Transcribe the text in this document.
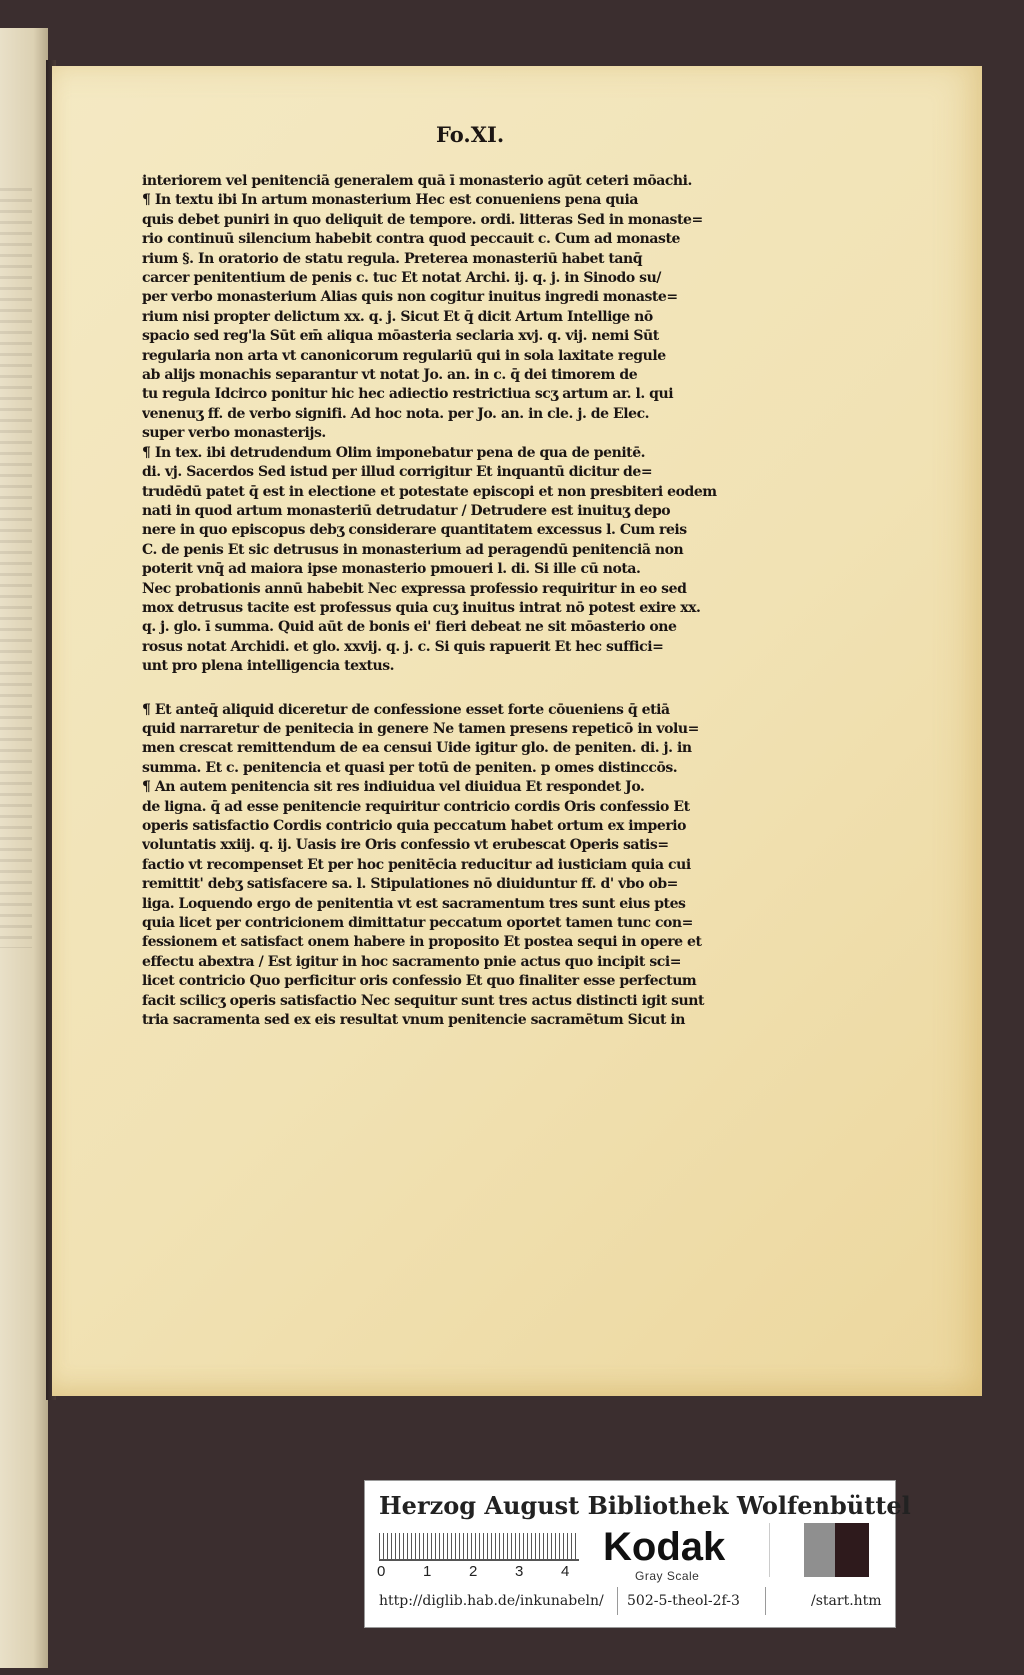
Fo.XI.

interiorem vel penitenciā generalem quā ī monasterio agūt ceteri mōachi.
¶ In textu ibi In artum monasterium Hec est conueniens pena quia
quis debet puniri in quo deliquit de tempore. ordi. litteras Sed in monaste=
rio continuū silencium habebit contra quod peccauit c. Cum ad monaste
rium §. In oratorio de statu regula. Preterea monasteriū habet tanq̄
carcer penitentium de penis c. tuc Et notat Archi. ij. q. j. in Sinodo su/
per verbo monasterium Alias quis non cogitur inuitus ingredi monaste=
rium nisi propter delictum xx. q. j. Sicut Et q̄ dicit Artum Intellige nō
spacio sed reg'la Sūt em̄ aliqua mōasteria seclaria xvj. q. vij. nemi Sūt
regularia non arta vt canonicorum regulariū qui in sola laxitate regule
ab alijs monachis separantur vt notat Jo. an. in c. q̄ dei timorem de
tu regula Idcirco ponitur hic hec adiectio restrictiua scʒ artum ar. l. qui
venenuʒ ff. de verbo signifi. Ad hoc nota. per Jo. an. in cle. j. de Elec.
super verbo monasterijs.
¶ In tex. ibi detrudendum Olim imponebatur pena de qua de penitē.
di. vj. Sacerdos Sed istud per illud corrigitur Et inquantū dicitur de=
trudēdū patet q̄ est in electione et potestate episcopi et non presbiteri eodem
nati in quod artum monasteriū detrudatur / Detrudere est inuituʒ depo
nere in quo episcopus debʒ considerare quantitatem excessus l. Cum reis
C. de penis Et sic detrusus in monasterium ad peragendū penitenciā non
poterit vnq̄ ad maiora ipse monasterio pmoueri l. di. Si ille cū nota.
Nec probationis annū habebit Nec expressa professio requiritur in eo sed
mox detrusus tacite est professus quia cuʒ inuitus intrat nō potest exire xx.
q. j. glo. ī summa. Quid aūt de bonis ei' fieri debeat ne sit mōasterio one
rosus notat Archidi. et glo. xxvij. q. j. c. Si quis rapuerit Et hec suffici=
unt pro plena intelligencia textus.
¶ Et anteq̄ aliquid diceretur de confessione esset forte cōueniens q̄ etiā
quid narraretur de penitecia in genere Ne tamen presens repeticō in volu=
men crescat remittendum de ea censui Uide igitur glo. de peniten. di. j. in
summa. Et c. penitencia et quasi per totū de peniten. p omes distinccōs.
¶ An autem penitencia sit res indiuidua vel diuidua Et respondet Jo.
de ligna. q̄ ad esse penitencie requiritur contricio cordis Oris confessio Et
operis satisfactio Cordis contricio quia peccatum habet ortum ex imperio
voluntatis xxiij. q. ij. Uasis ire Oris confessio vt erubescat Operis satis=
factio vt recompenset Et per hoc penitēcia reducitur ad iusticiam quia cui
remittit' debʒ satisfacere sa. l. Stipulationes nō diuiduntur ff. d' vbo ob=
liga. Loquendo ergo de penitentia vt est sacramentum tres sunt eius ptes
quia licet per contricionem dimittatur peccatum oportet tamen tunc con=
fessionem et satisfact onem habere in proposito Et postea sequi in opere et
effectu abextra / Est igitur in hoc sacramento pnie actus quo incipit sci=
licet contricio Quo perficitur oris confessio Et quo finaliter esse perfectum
facit scilicʒ operis satisfactio Nec sequitur sunt tres actus distincti igit sunt
tria sacramenta sed ex eis resultat vnum penitencie sacramētum Sicut in

Herzog August Bibliothek Wolfenbüttel

0	1	2	3	4
Kodak
Gray Scale
http://diglib.hab.de/inkunabeln/ 502-5-theol-2f-3	/start.htm
